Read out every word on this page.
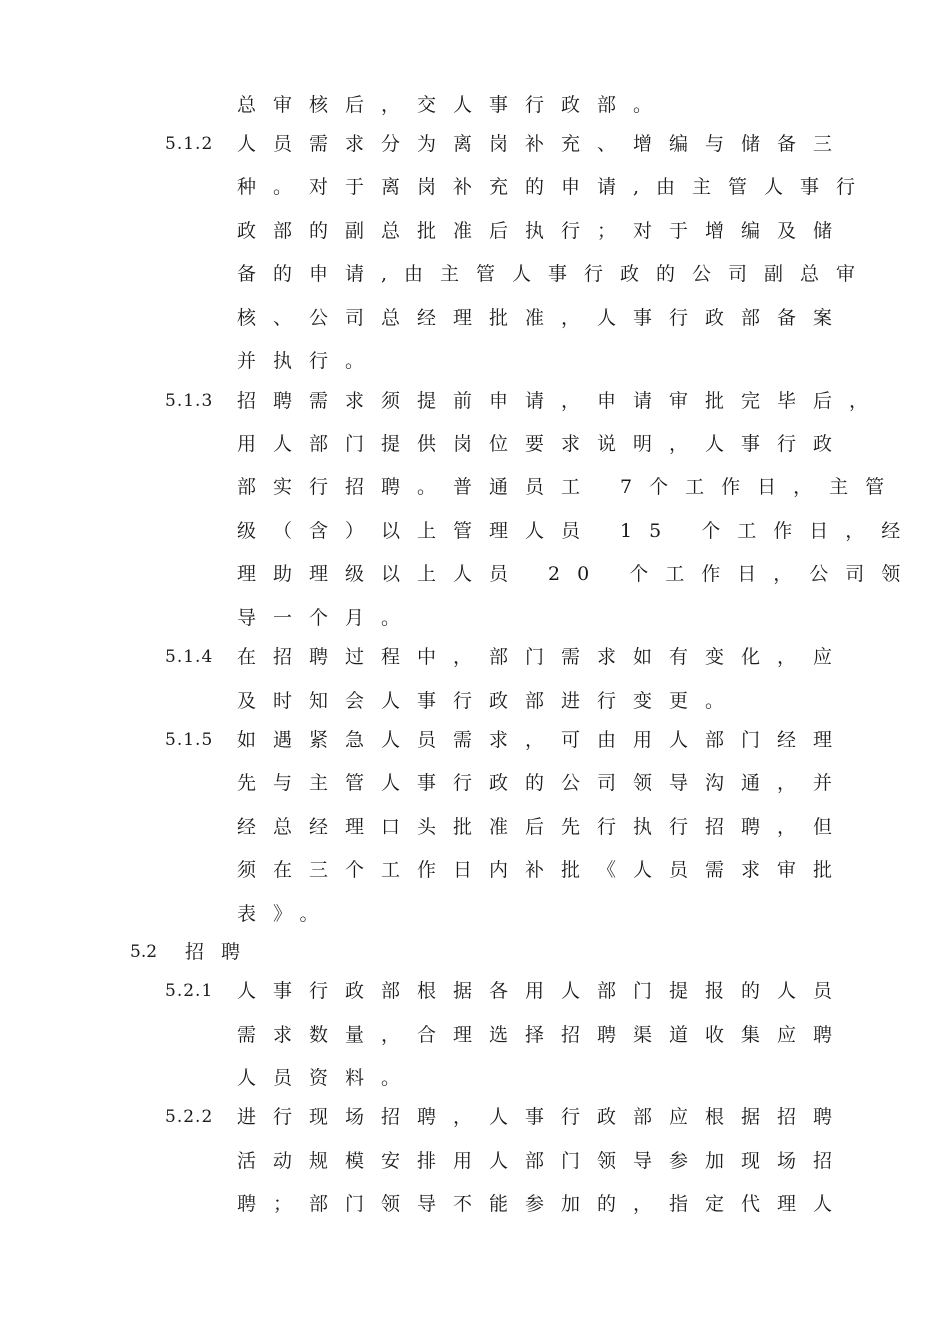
总审核后，交人事行政部。
5.1.2 人员需求分为离岗补充、增编与储备三
种。对于离岗补充的申请,由主管人事行
政部的副总批准后执行；对于增编及储
备的申请,由主管人事行政的公司副总审
核、公司总经理批准，人事行政部备案
并执行。
5.1.3 招聘需求须提前申请，申请审批完毕后，
用人部门提供岗位要求说明，人事行政
部实行招聘。普通员工 7个工作日，主管
级（含）以上管理人员 15 个工作日，经
理助理级以上人员 20 个工作日，公司领
导一个月。
5.1.4 在招聘过程中，部门需求如有变化，应
及时知会人事行政部进行变更。
5.1.5 如遇紧急人员需求，可由用人部门经理
先与主管人事行政的公司领导沟通，并
经总经理口头批准后先行执行招聘，但
须在三个工作日内补批《人员需求审批
表》。
5.2 招聘
5.2.1 人事行政部根据各用人部门提报的人员
需求数量，合理选择招聘渠道收集应聘
人员资料。
5.2.2 进行现场招聘，人事行政部应根据招聘
活动规模安排用人部门领导参加现场招
聘；部门领导不能参加的，指定代理人
